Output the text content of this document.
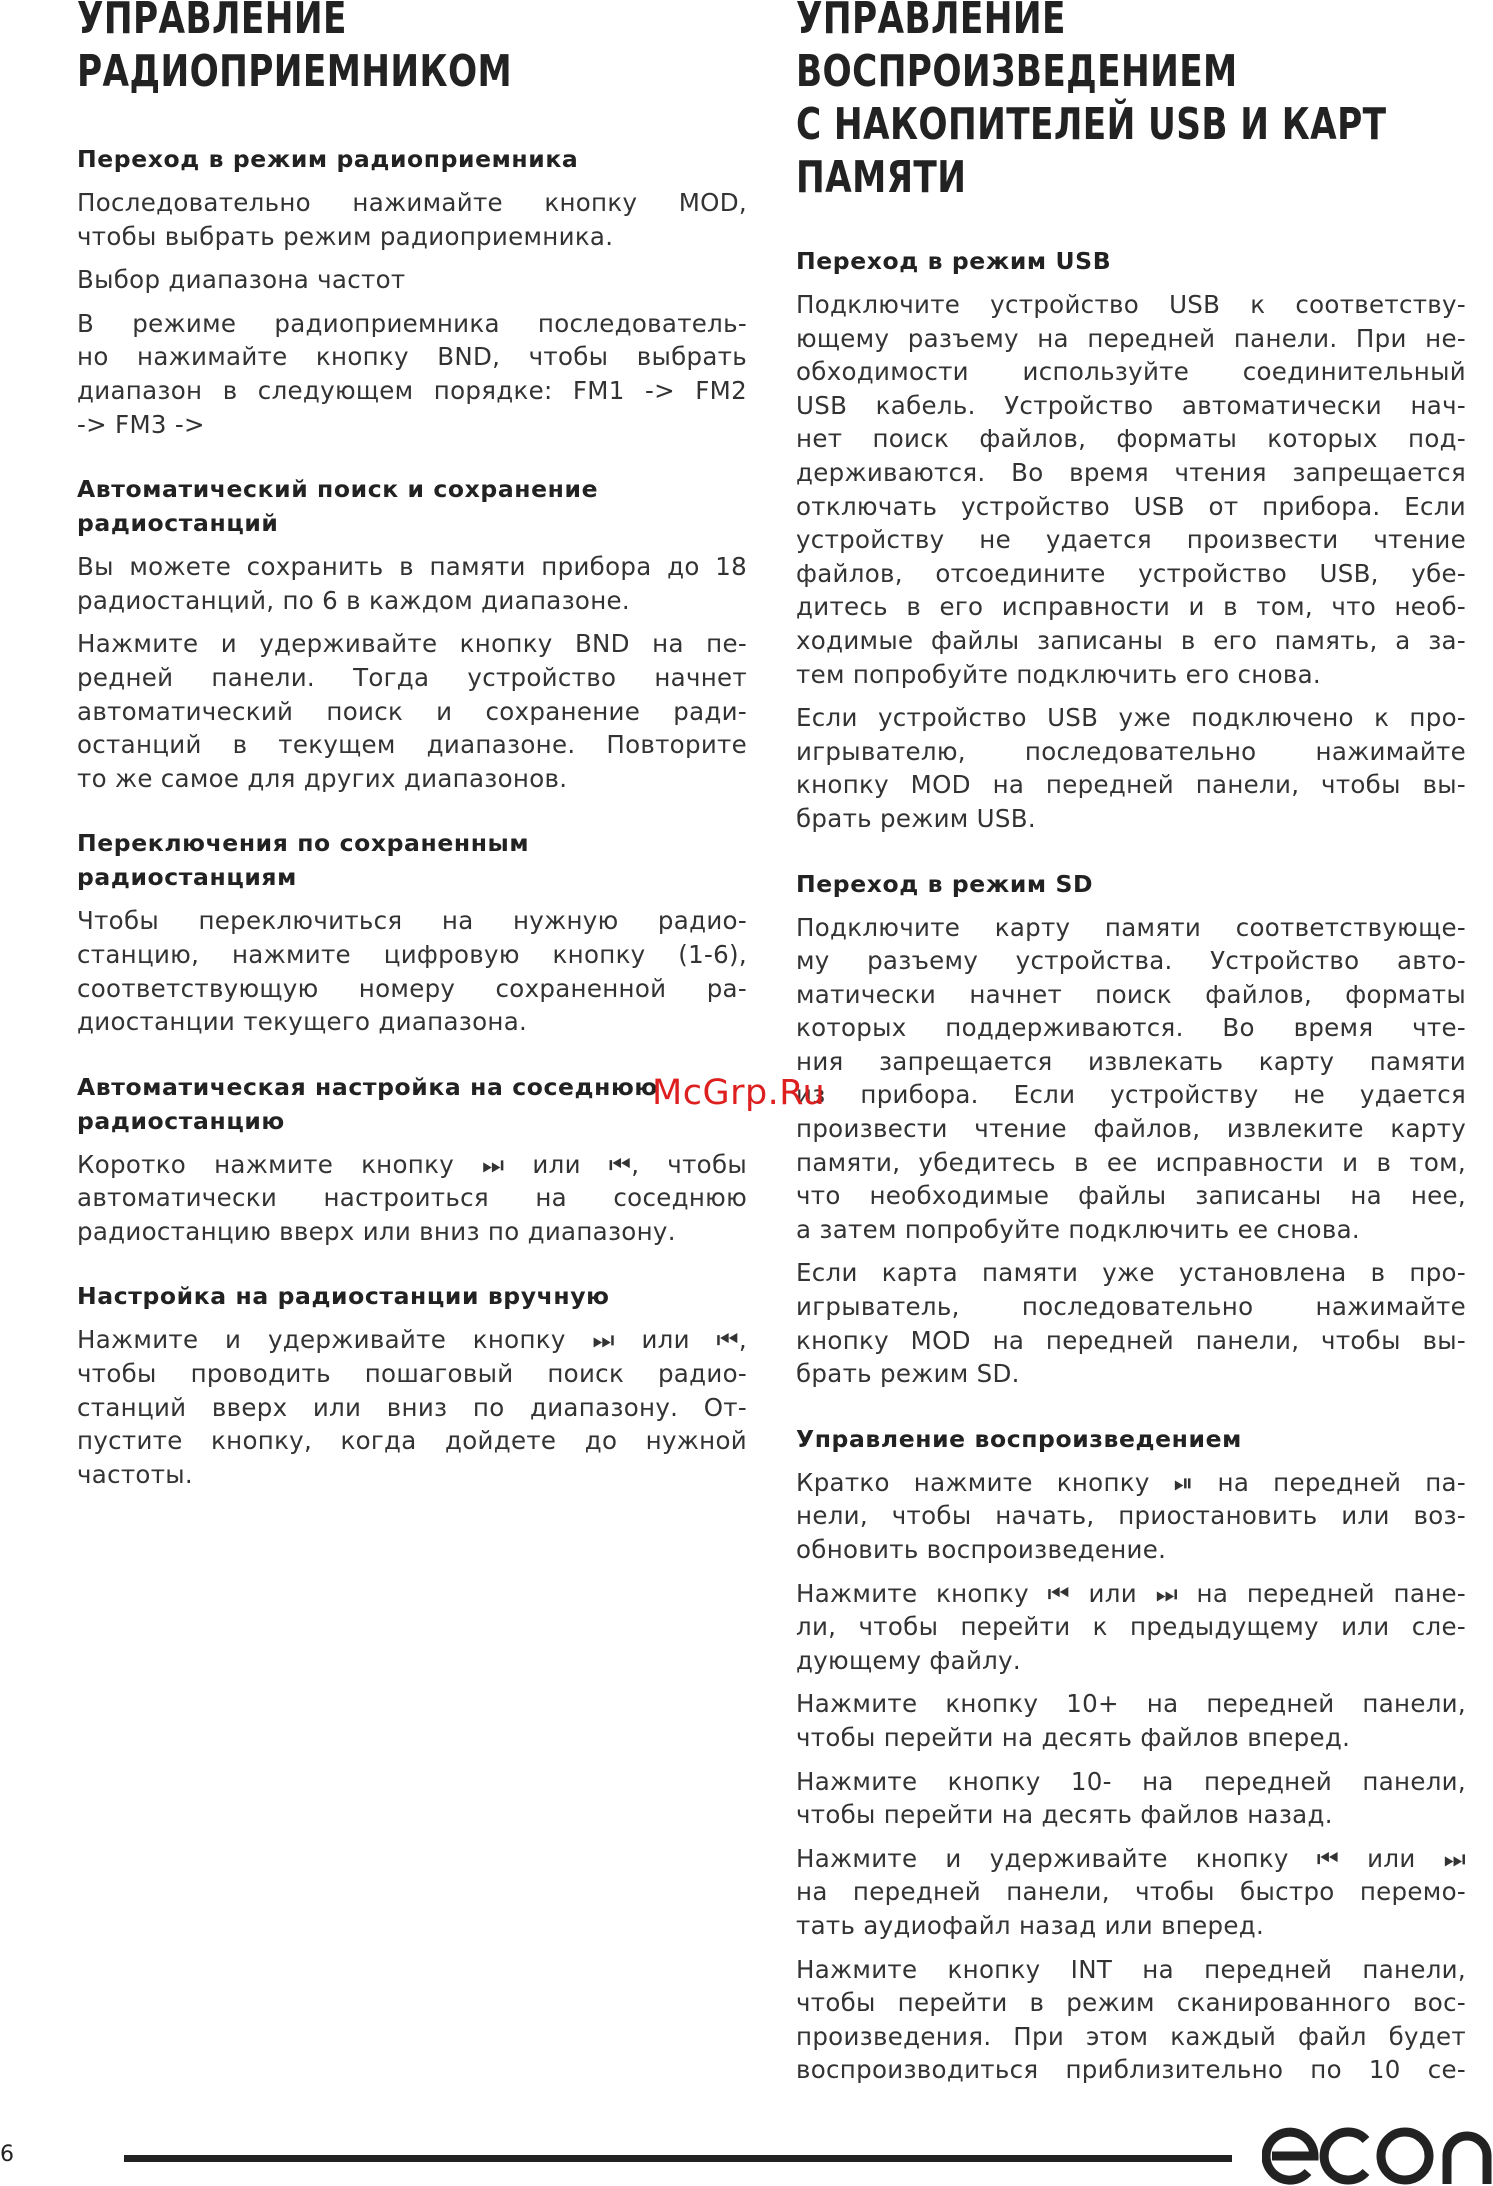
УПРАВЛЕНИЕ
РАДИОПРИЕМНИКОМ
Переход в режим радиоприемника

Последовательно нажимайте кнопку MOD,
чтобы выбрать режим радиоприемника.

Выбор диапазона частот

В режиме радиоприемника последователь-
но нажимайте кнопку BND, чтобы выбрать
диапазон в следующем порядке: FM1 -> FM2
-> FM3 ->

Автоматический поиск и сохранение
радиостанций

Вы можете сохранить в памяти прибора до 18
радиостанций, по 6 в каждом диапазоне.

Нажмите и удерживайте кнопку BND на пе-
редней панели. Тогда устройство начнет
автоматический поиск и сохранение ради-
останций в текущем диапазоне. Повторите
то же самое для других диапазонов.

Переключения по сохраненным
радиостанциям

Чтобы переключиться на нужную радио-
станцию, нажмите цифровую кнопку (1-6),
соответствующую номеру сохраненной ра-
диостанции текущего диапазона.

Автоматическая настройка на соседнюю
радиостанцию

Коротко нажмите кнопку ⏭ или ⏮, чтобы
автоматически настроиться на соседнюю
радиостанцию вверх или вниз по диапазону.

Настройка на радиостанции вручную

Нажмите и удерживайте кнопку ⏭ или ⏮,
чтобы проводить пошаговый поиск радио-
станций вверх или вниз по диапазону. От-
пустите кнопку, когда дойдете до нужной
частоты.

УПРАВЛЕНИЕ
ВОСПРОИЗВЕДЕНИЕМ
С НАКОПИТЕЛЕЙ USB И КАРТ
ПАМЯТИ
Переход в режим USB

Подключите устройство USB к соответству-
ющему разъему на передней панели. При не-
обходимости используйте соединительный
USB кабель. Устройство автоматически нач-
нет поиск файлов, форматы которых под-
держиваются. Во время чтения запрещается
отключать устройство USB от прибора. Если
устройству не удается произвести чтение
файлов, отсоедините устройство USB, убе-
дитесь в его исправности и в том, что необ-
ходимые файлы записаны в его память, а за-
тем попробуйте подключить его снова.

Если устройство USB уже подключено к про-
игрывателю, последовательно нажимайте
кнопку MOD на передней панели, чтобы вы-
брать режим USB.

Переход в режим SD

Подключите карту памяти соответствующе-
му разъему устройства. Устройство авто-
матически начнет поиск файлов, форматы
которых поддерживаются. Во время чте-
ния запрещается извлекать карту памяти
из прибора. Если устройству не удается
произвести чтение файлов, извлеките карту
памяти, убедитесь в ее исправности и в том,
что необходимые файлы записаны на нее,
а затем попробуйте подключить ее снова.

Если карта памяти уже установлена в про-
игрыватель, последовательно нажимайте
кнопку MOD на передней панели, чтобы вы-
брать режим SD.

Управление воспроизведением

Кратко нажмите кнопку ⏯ на передней па-
нели, чтобы начать, приостановить или воз-
обновить воспроизведение.

Нажмите кнопку ⏮ или ⏭ на передней пане-
ли, чтобы перейти к предыдущему или сле-
дующему файлу.

Нажмите кнопку 10+ на передней панели,
чтобы перейти на десять файлов вперед.

Нажмите кнопку 10- на передней панели,
чтобы перейти на десять файлов назад.

Нажмите и удерживайте кнопку ⏮ или ⏭
на передней панели, чтобы быстро перемо-
тать аудиофайл назад или вперед.

Нажмите кнопку INT на передней панели,
чтобы перейти в режим сканированного вос-
произведения. При этом каждый файл будет
воспроизводиться приблизительно по 10 се-

McGrp.Ru
6
